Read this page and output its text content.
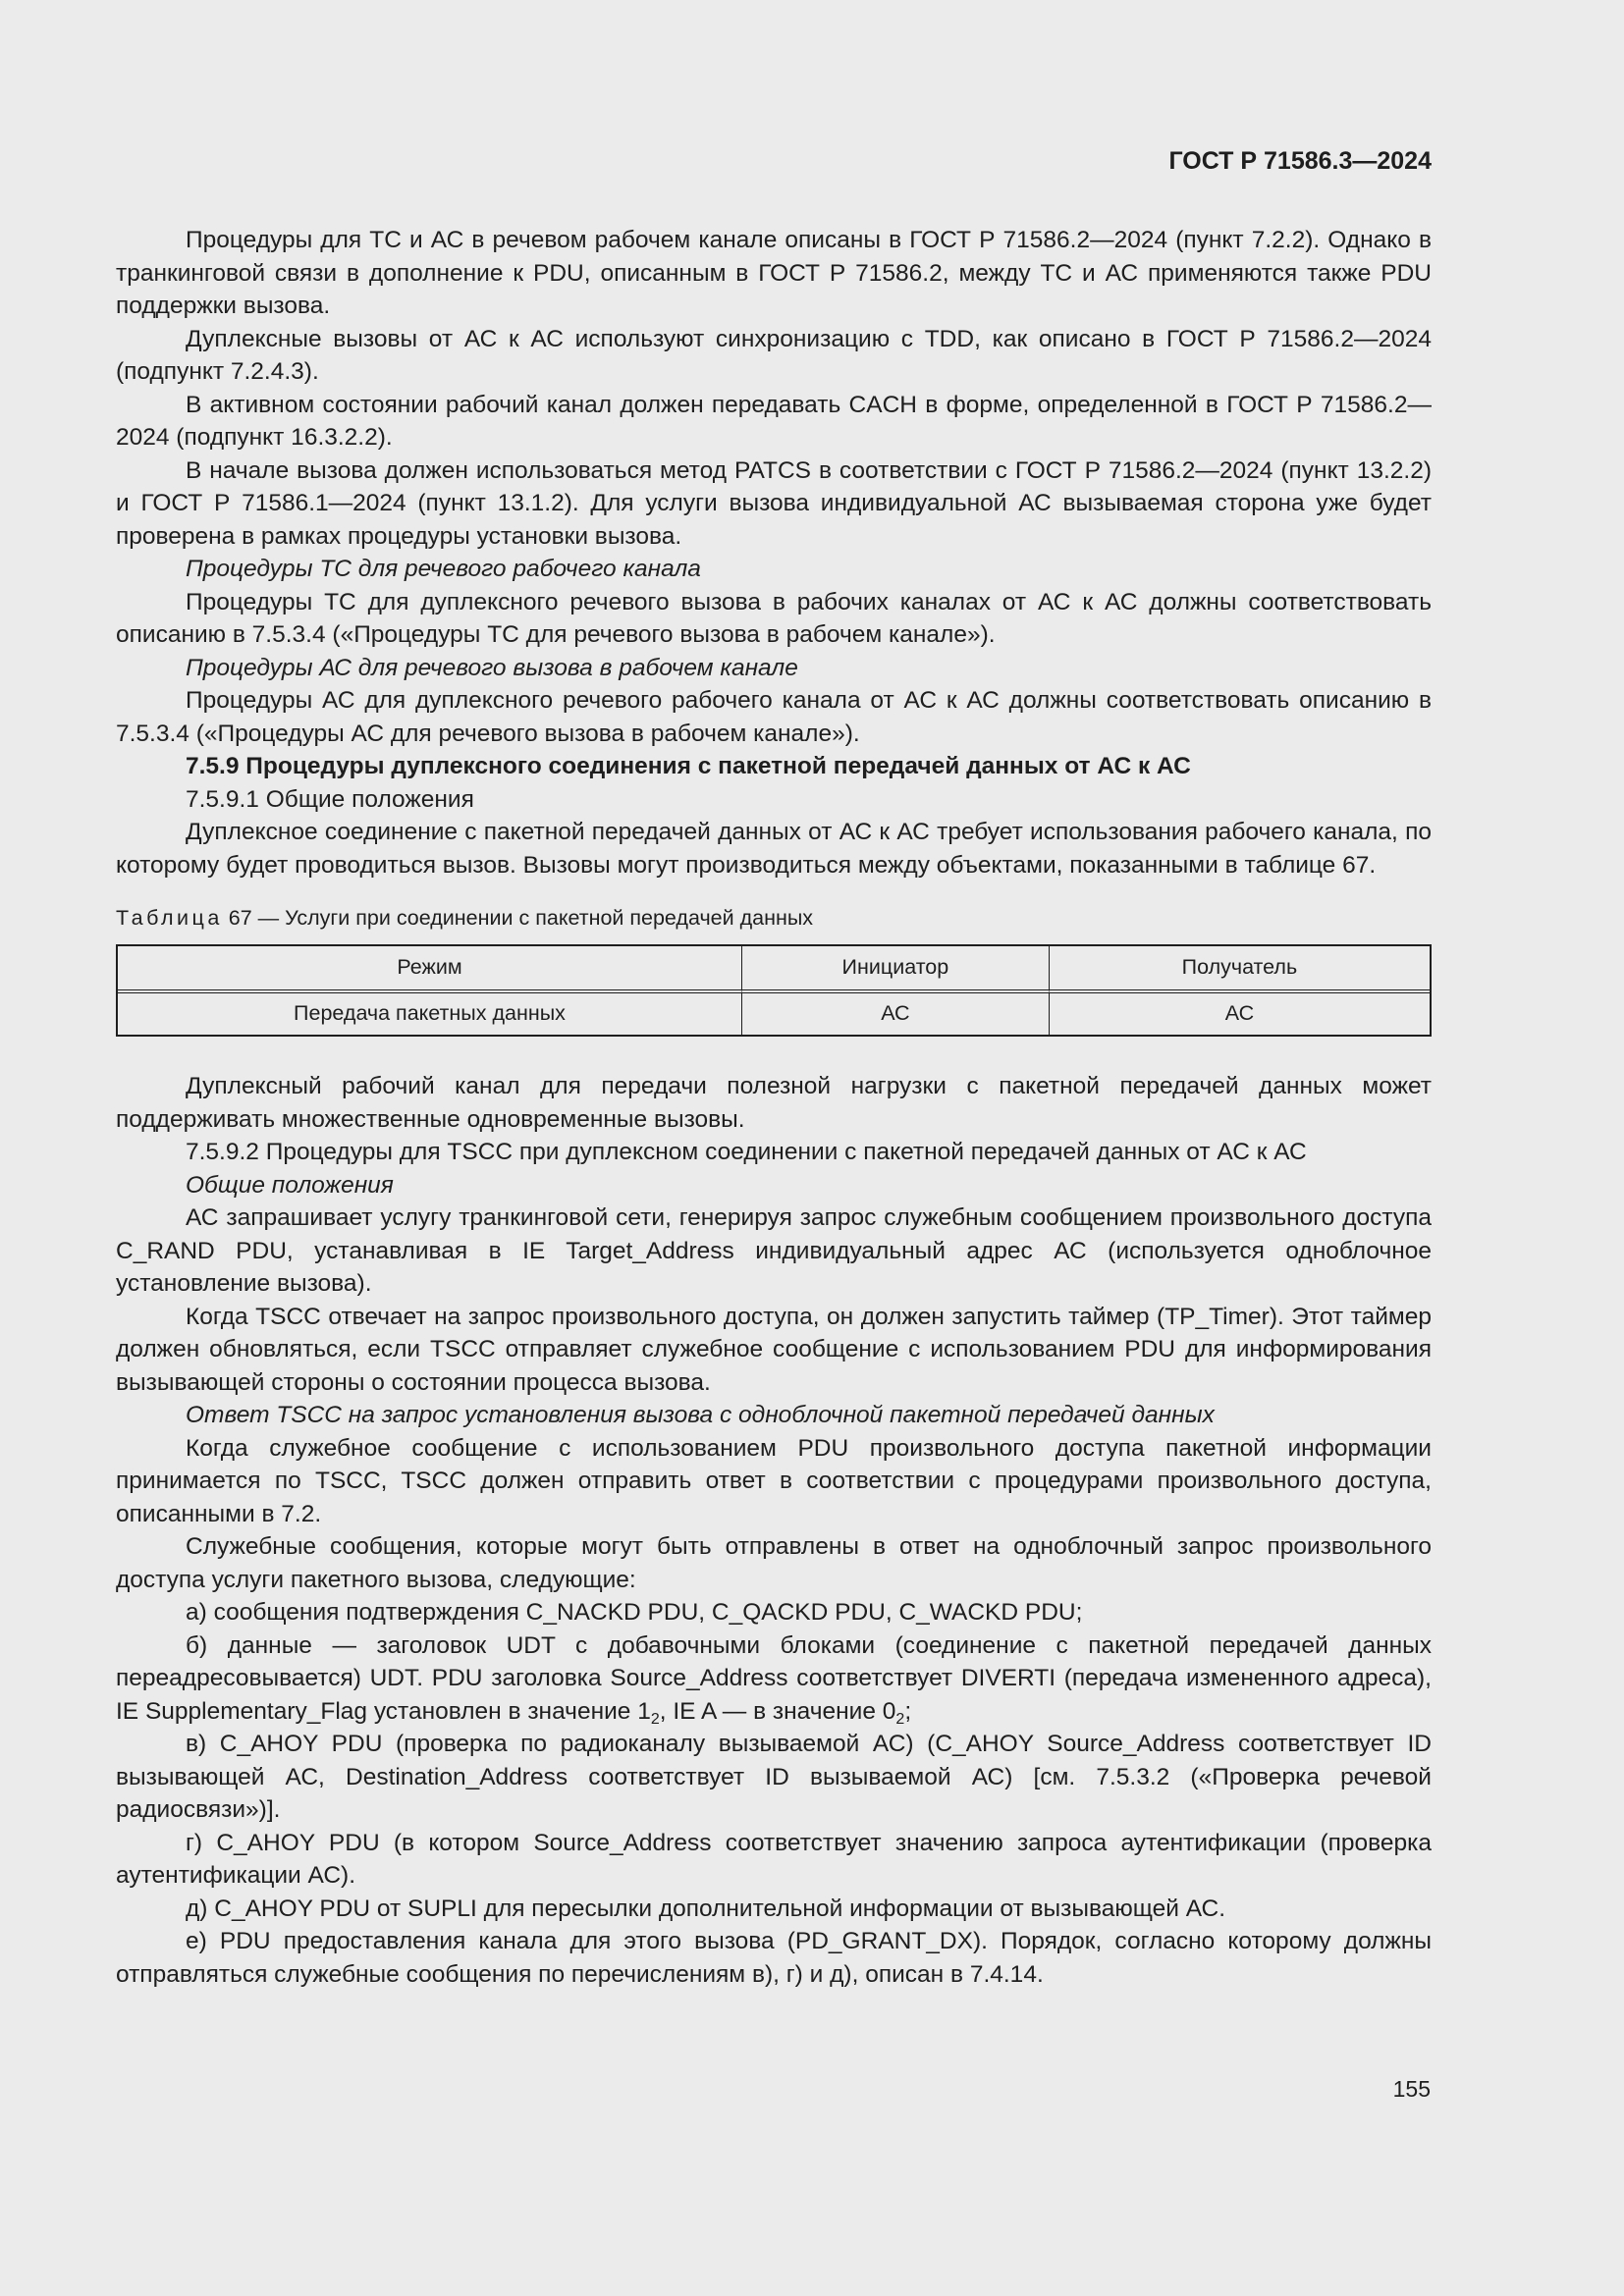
ГОСТ Р 71586.3—2024

Процедуры для ТС и АС в речевом рабочем канале описаны в ГОСТ Р 71586.2—2024 (пункт 7.2.2). Однако в транкинговой связи в дополнение к PDU, описанным в ГОСТ Р 71586.2, между ТС и АС применяются также PDU поддержки вызова.

Дуплексные вызовы от АС к АС используют синхронизацию с TDD, как описано в ГОСТ Р 71586.2—2024 (подпункт 7.2.4.3).

В активном состоянии рабочий канал должен передавать CACH в форме, определенной в ГОСТ Р 71586.2—2024 (подпункт 16.3.2.2).

В начале вызова должен использоваться метод PATCS в соответствии с ГОСТ Р 71586.2—2024 (пункт 13.2.2) и ГОСТ Р 71586.1—2024 (пункт 13.1.2). Для услуги вызова индивидуальной АС вызываемая сторона уже будет проверена в рамках процедуры установки вызова.

Процедуры ТС для речевого рабочего канала

Процедуры ТС для дуплексного речевого вызова в рабочих каналах от АС к АС должны соответствовать описанию в 7.5.3.4 («Процедуры ТС для речевого вызова в рабочем канале»).

Процедуры АС для речевого вызова в рабочем канале

Процедуры АС для дуплексного речевого рабочего канала от АС к АС должны соответствовать описанию в 7.5.3.4 («Процедуры АС для речевого вызова в рабочем канале»).

7.5.9 Процедуры дуплексного соединения с пакетной передачей данных от АС к АС

7.5.9.1 Общие положения

Дуплексное соединение с пакетной передачей данных от АС к АС требует использования рабочего канала, по которому будет проводиться вызов. Вызовы могут производиться между объектами, показанными в таблице 67.

Таблица 67 — Услуги при соединении с пакетной передачей данных
Режим	Инициатор	Получатель
Передача пакетных данных	АС	АС

Дуплексный рабочий канал для передачи полезной нагрузки с пакетной передачей данных может поддерживать множественные одновременные вызовы.

7.5.9.2 Процедуры для TSCC при дуплексном соединении с пакетной передачей данных от АС к АС

Общие положения

АС запрашивает услугу транкинговой сети, генерируя запрос служебным сообщением произвольного доступа C_RAND PDU, устанавливая в IE Target_Address индивидуальный адрес АС (используется одноблочное установление вызова).

Когда TSCC отвечает на запрос произвольного доступа, он должен запустить таймер (TP_Timer). Этот таймер должен обновляться, если TSCC отправляет служебное сообщение с использованием PDU для информирования вызывающей стороны о состоянии процесса вызова.

Ответ TSCC на запрос установления вызова с одноблочной пакетной передачей данных

Когда служебное сообщение с использованием PDU произвольного доступа пакетной информации принимается по TSCC, TSCC должен отправить ответ в соответствии с процедурами произвольного доступа, описанными в 7.2.

Служебные сообщения, которые могут быть отправлены в ответ на одноблочный запрос произвольного доступа услуги пакетного вызова, следующие:

а) сообщения подтверждения C_NACKD PDU, C_QACKD PDU, C_WACKD PDU;

б) данные — заголовок UDT с добавочными блоками (соединение с пакетной передачей данных переадресовывается) UDT. PDU заголовка Source_Address соответствует DIVERTI (передача измененного адреса), IE Supplementary_Flag установлен в значение $1_2$, IE A — в значение $0_2$;

в) C_AHOY PDU (проверка по радиоканалу вызываемой АС) (C_AHOY Source_Address соответствует ID вызывающей АС, Destination_Address соответствует ID вызываемой АС) [см. 7.5.3.2 («Проверка речевой радиосвязи»)].

г) C_AHOY PDU (в котором Source_Address соответствует значению запроса аутентификации (проверка аутентификации АС).

д) C_AHOY PDU от SUPLI для пересылки дополнительной информации от вызывающей АС.

е) PDU предоставления канала для этого вызова (PD_GRANT_DX). Порядок, согласно которому должны отправляться служебные сообщения по перечислениям в), г) и д), описан в 7.4.14.

155
